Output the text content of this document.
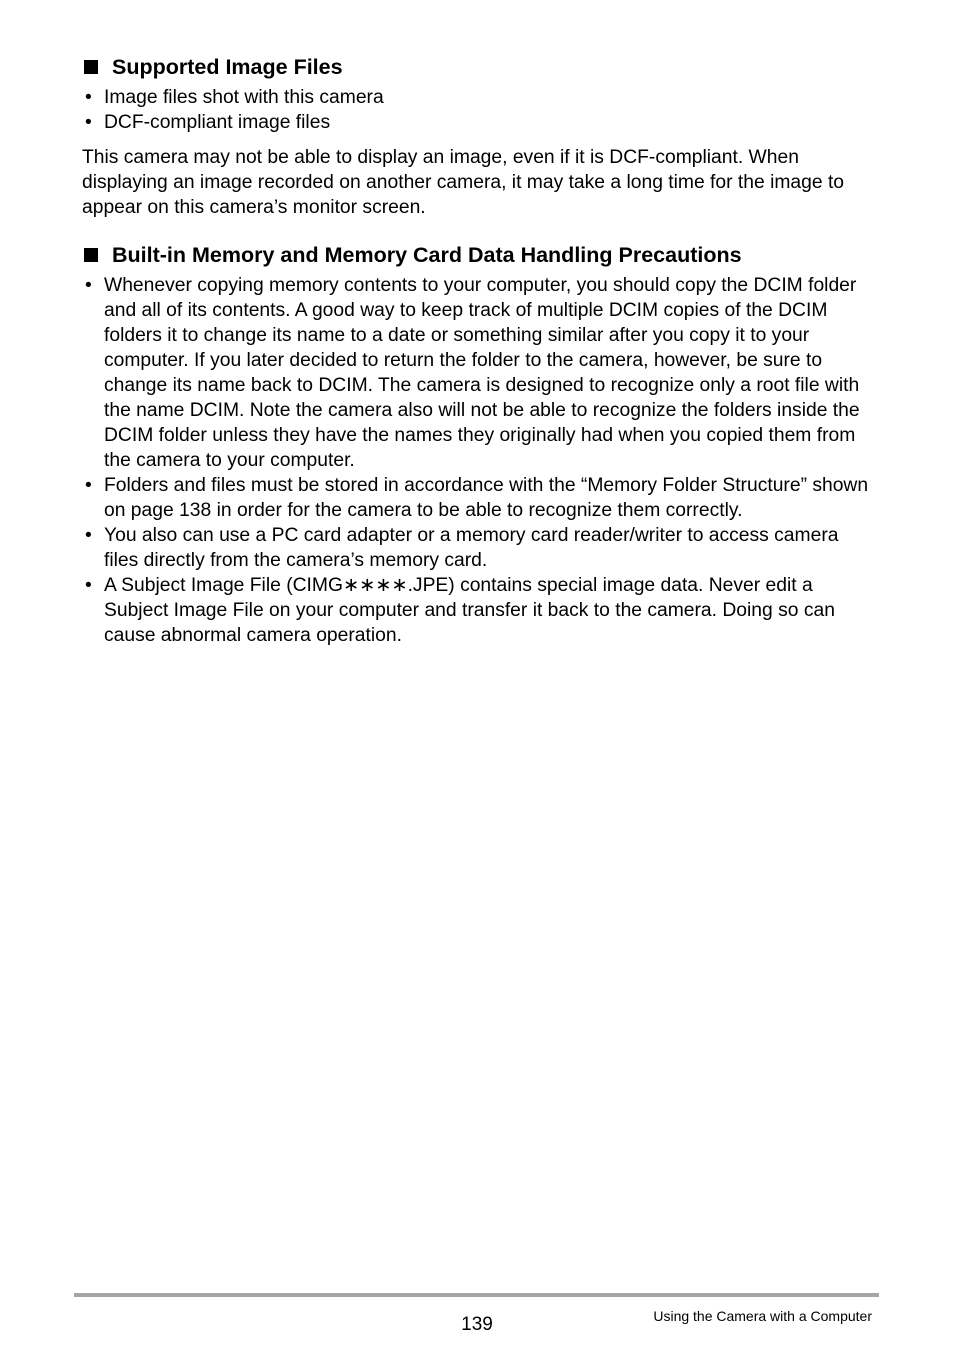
Supported Image Files
• Image files shot with this camera
• DCF-compliant image files

This camera may not be able to display an image, even if it is DCF-compliant. When displaying an image recorded on another camera, it may take a long time for the image to appear on this camera’s monitor screen.

Built-in Memory and Memory Card Data Handling Precautions
• Whenever copying memory contents to your computer, you should copy the DCIM folder and all of its contents. A good way to keep track of multiple DCIM copies of the DCIM folders it to change its name to a date or something similar after you copy it to your computer. If you later decided to return the folder to the camera, however, be sure to change its name back to DCIM. The camera is designed to recognize only a root file with the name DCIM. Note the camera also will not be able to recognize the folders inside the DCIM folder unless they have the names they originally had when you copied them from the camera to your computer.
• Folders and files must be stored in accordance with the “Memory Folder Structure” shown on page 138 in order for the camera to be able to recognize them correctly.
• You also can use a PC card adapter or a memory card reader/writer to access camera files directly from the camera’s memory card.
• A Subject Image File (CIMG∗∗∗∗.JPE) contains special image data. Never edit a Subject Image File on your computer and transfer it back to the camera. Doing so can cause abnormal camera operation.
139	Using the Camera with a Computer
